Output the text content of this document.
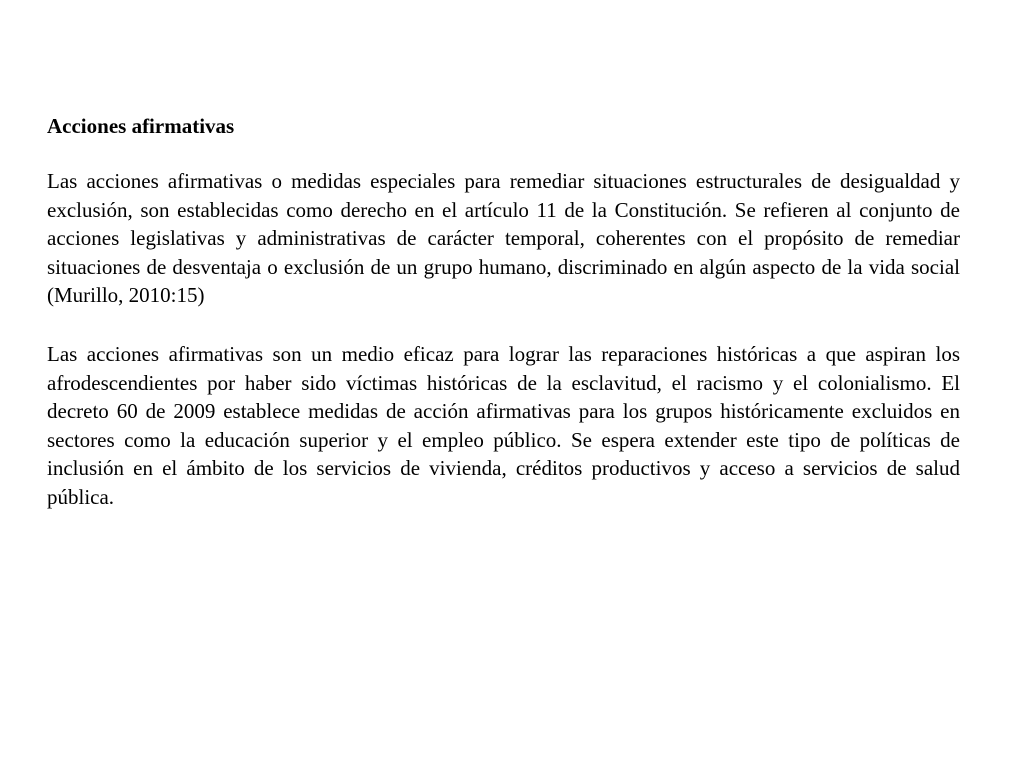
Acciones afirmativas

Las acciones afirmativas o medidas especiales para remediar situaciones estructurales de desigualdad y exclusión, son establecidas como derecho en el artículo 11 de la Constitución. Se refieren al conjunto de acciones legislativas y administrativas de carácter temporal, coherentes con el propósito de remediar situaciones de desventaja o exclusión de un grupo humano, discriminado en algún aspecto de la vida social (Murillo, 2010:15)

Las acciones afirmativas son un medio eficaz para lograr las reparaciones históricas a que aspiran los afrodescendientes por haber sido víctimas históricas de la esclavitud, el racismo y el colonialismo. El decreto 60 de 2009 establece medidas de acción afirmativas para los grupos históricamente excluidos en sectores como la educación superior y el empleo público. Se espera extender este tipo de políticas de inclusión en el ámbito de los servicios de vivienda, créditos productivos y acceso a servicios de salud pública.
